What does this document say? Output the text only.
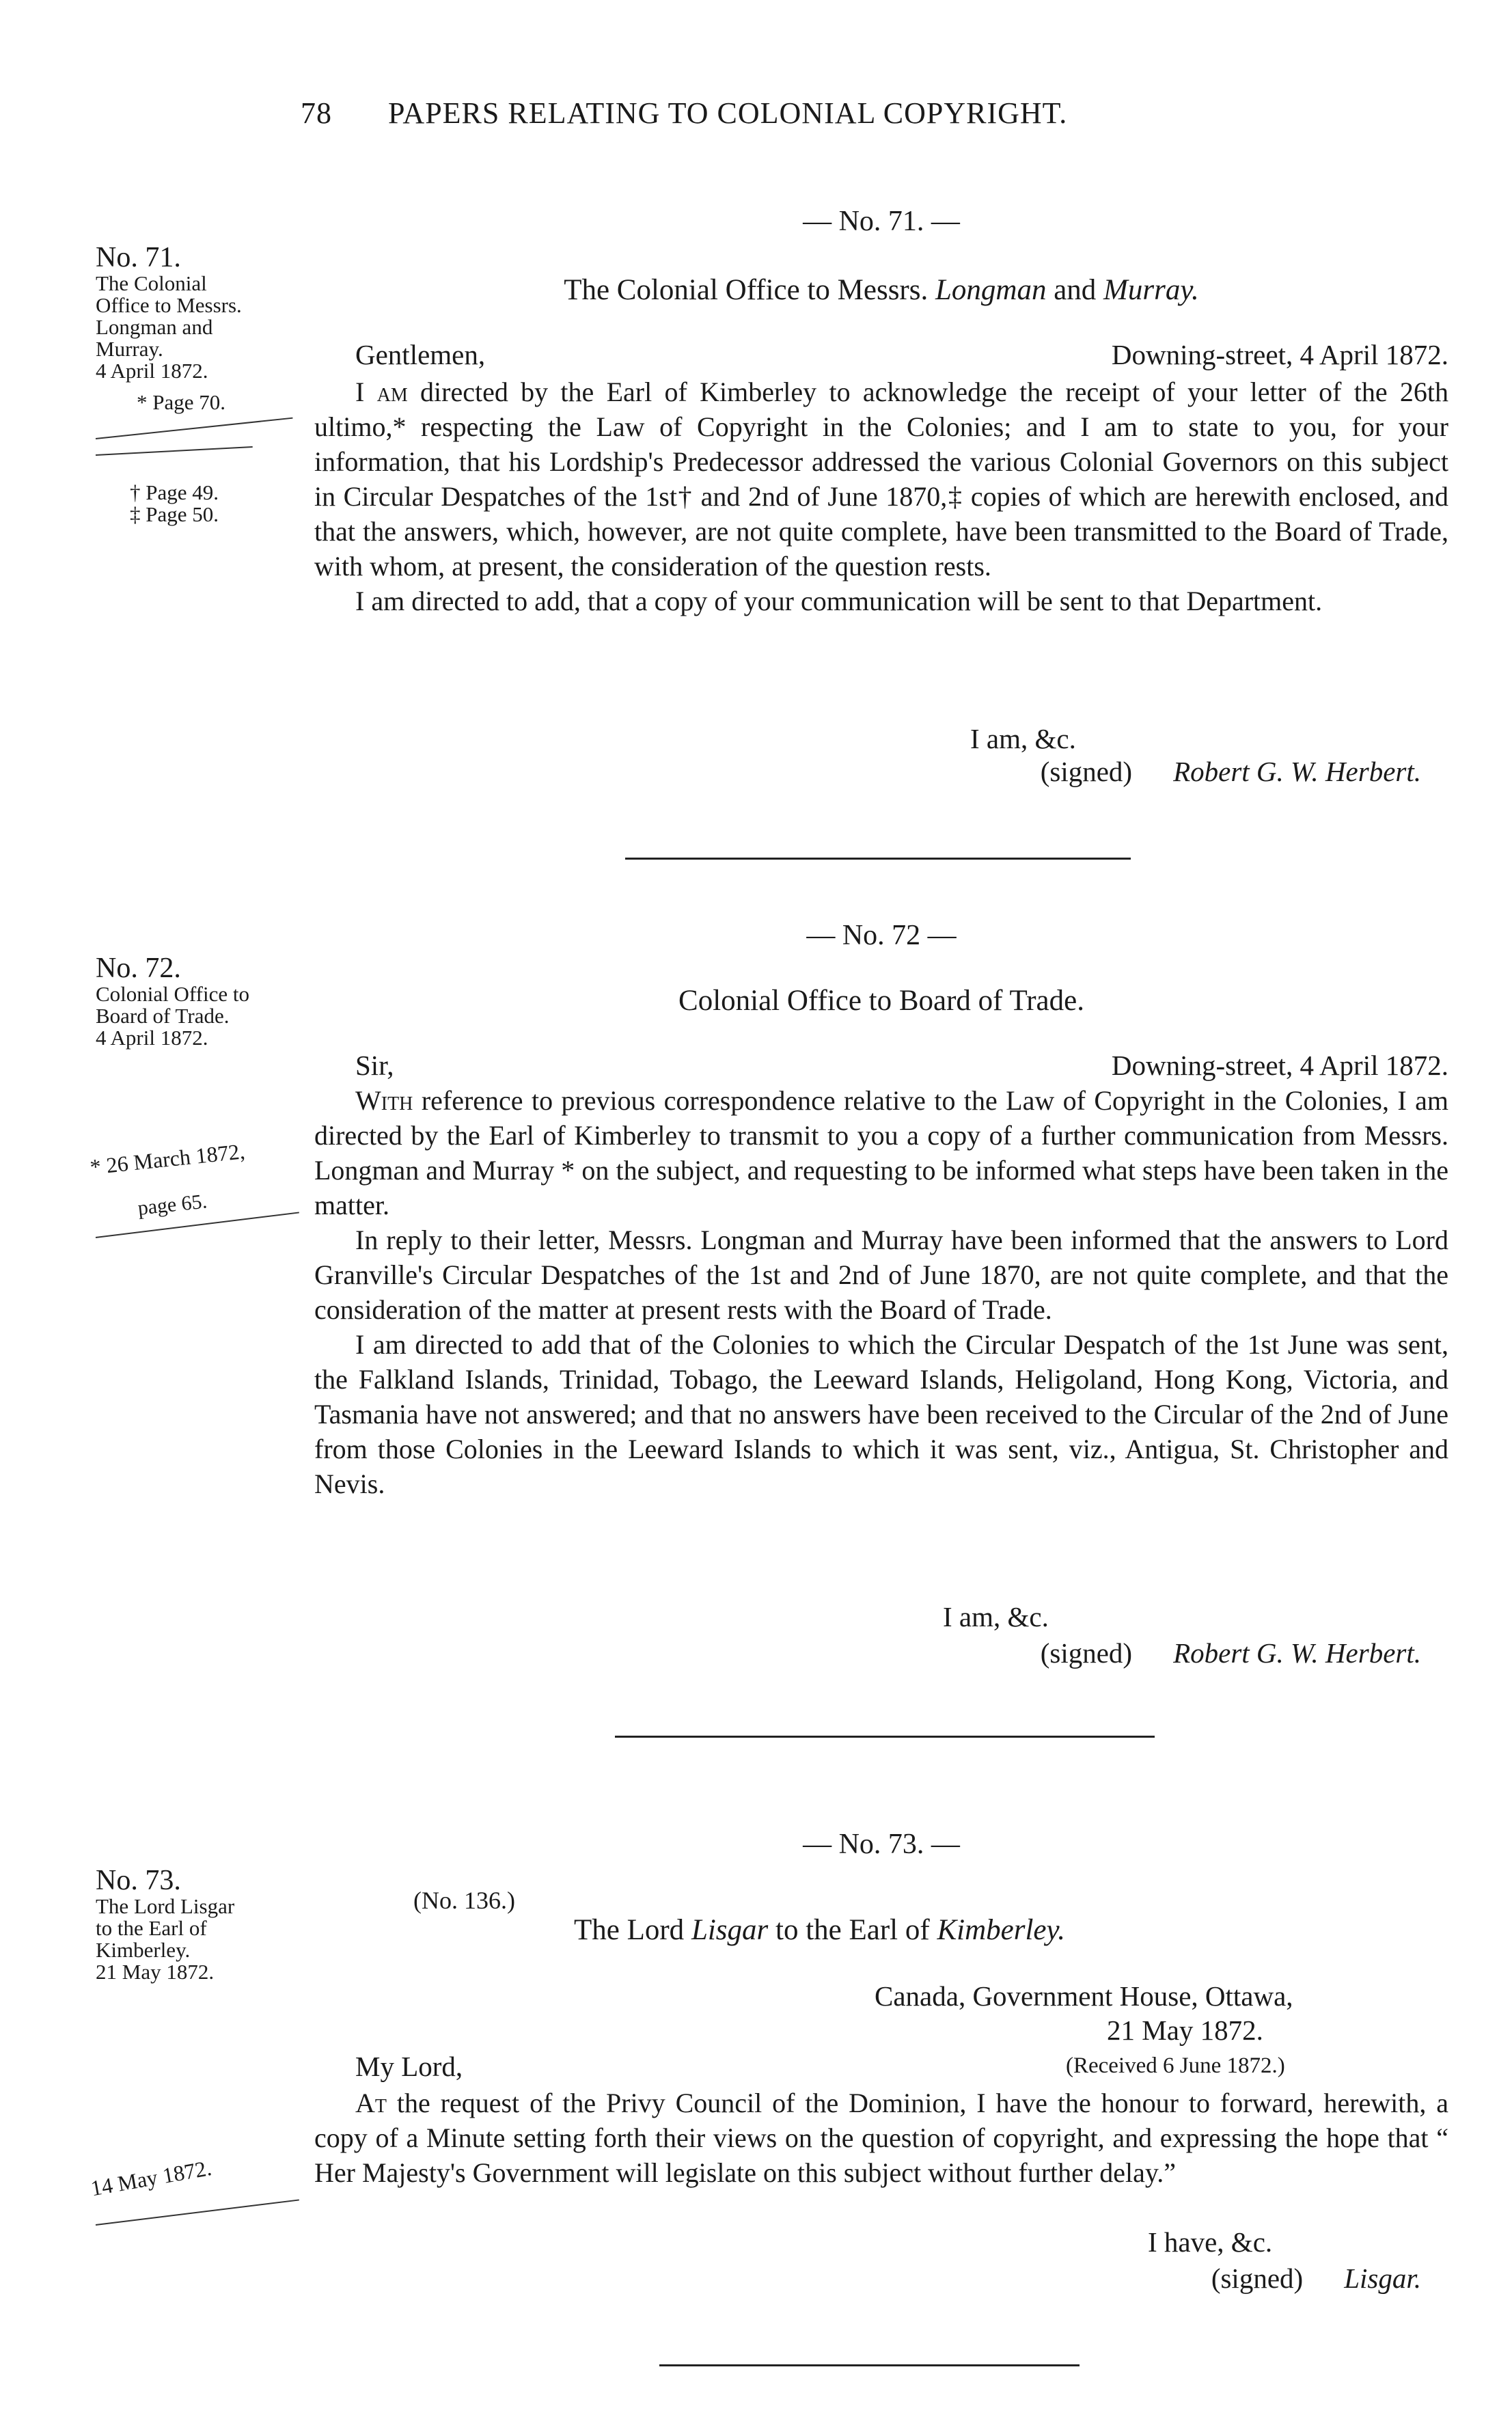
78 PAPERS RELATING TO COLONIAL COPYRIGHT.
No. 71.
The Colonial
Office to Messrs.
Longman and
Murray.
4 April 1872.
* Page 70.
† Page 49.
‡ Page 50.
— No. 71. —
The Colonial Office to Messrs. Longman and Murray.
Gentlemen,	Downing-street, 4 April 1872.

I am directed by the Earl of Kimberley to acknowledge the receipt of your letter of the 26th ultimo,* respecting the Law of Copyright in the Colonies; and I am to state to you, for your information, that his Lordship's Predecessor addressed the various Colonial Governors on this subject in Circular Despatches of the 1st† and 2nd of June 1870,‡ copies of which are herewith enclosed, and that the answers, which, however, are not quite complete, have been transmitted to the Board of Trade, with whom, at present, the consideration of the question rests.

I am directed to add, that a copy of your communication will be sent to that Department.

I am, &c.
(signed) Robert G. W. Herbert.
No. 72.
Colonial Office to
Board of Trade.
4 April 1872.
* 26 March 1872,
page 65.
— No. 72 —
Colonial Office to Board of Trade.
Sir,	Downing-street, 4 April 1872.

With reference to previous correspondence relative to the Law of Copyright in the Colonies, I am directed by the Earl of Kimberley to transmit to you a copy of a further communication from Messrs. Longman and Murray * on the subject, and requesting to be informed what steps have been taken in the matter.

In reply to their letter, Messrs. Longman and Murray have been informed that the answers to Lord Granville's Circular Despatches of the 1st and 2nd of June 1870, are not quite complete, and that the consideration of the matter at present rests with the Board of Trade.

I am directed to add that of the Colonies to which the Circular Despatch of the 1st June was sent, the Falkland Islands, Trinidad, Tobago, the Leeward Islands, Heligoland, Hong Kong, Victoria, and Tasmania have not answered; and that no answers have been received to the Circular of the 2nd of June from those Colonies in the Leeward Islands to which it was sent, viz., Antigua, St. Christopher and Nevis.

I am, &c.
(signed) Robert G. W. Herbert.
No. 73.
The Lord Lisgar
to the Earl of
Kimberley.
21 May 1872.
14 May 1872.
— No. 73. —
(No. 136.)
The Lord Lisgar to the Earl of Kimberley.
Canada, Government House, Ottawa,
21 May 1872.
My Lord,	(Received 6 June 1872.)

At the request of the Privy Council of the Dominion, I have the honour to forward, herewith, a copy of a Minute setting forth their views on the question of copyright, and expressing the hope that “ Her Majesty's Government will legislate on this subject without further delay.”

I have, &c.
(signed) Lisgar.
